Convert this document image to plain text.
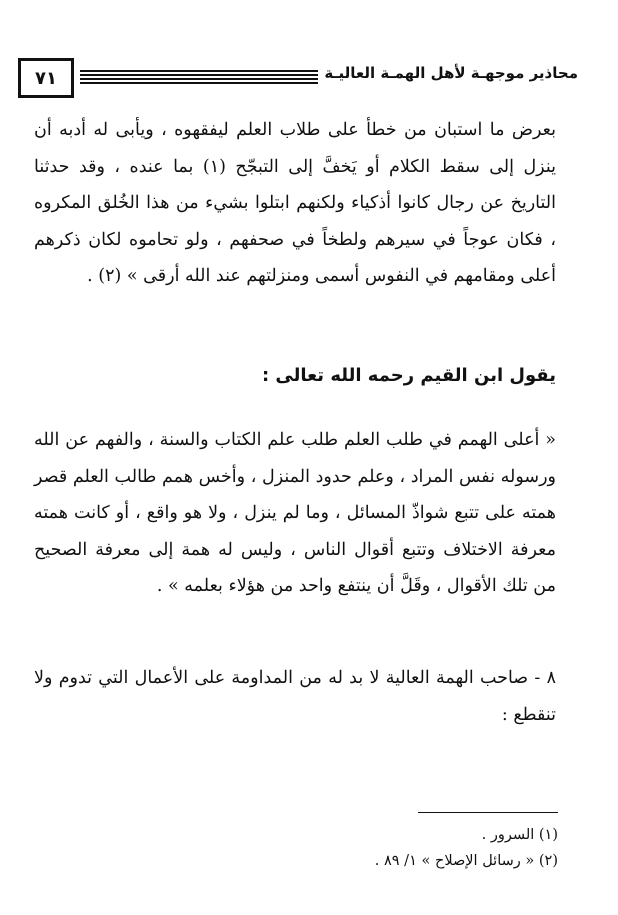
٧١	محاذير موجهـة لأهل الهمـة العاليـة
بعرض ما استبان من خطأ على طلاب العلم ليفقهوه ، ويأبى له أدبه أن ينزل إلى سقط الكلام أو يَخفَّ إلى التبجّح (١) بما عنده ، وقد حدثنا التاريخ عن رجال كانوا أذكياء ولكنهم ابتلوا بشيء من هذا الخُلق المكروه ، فكان عوجاً في سيرهم ولطخاً في صحفهم ، ولو تحاموه لكان ذكرهم أعلى ومقامهم في النفوس أسمى ومنزلتهم عند الله أرقى » (٢) .
يقول ابن القيم رحمه الله تعالى :
« أعلى الهمم في طلب العلم طلب علم الكتاب والسنة ، والفهم عن الله ورسوله نفس المراد ، وعلم حدود المنزل ، وأخس همم طالب العلم قصر همته على تتبع شواذّ المسائل ، وما لم ينزل ، ولا هو واقع ، أو كانت همته معرفة الاختلاف وتتبع أقوال الناس ، وليس له همة إلى معرفة الصحيح من تلك الأقوال ، وقَلَّ أن ينتفع واحد من هؤلاء بعلمه » .
٨ - صاحب الهمة العالية لا بد له من المداومة على الأعمال التي تدوم ولا تنقطع :
(١) السرور .
(٢) « رسائل الإصلاح » ١/ ٨٩ .
